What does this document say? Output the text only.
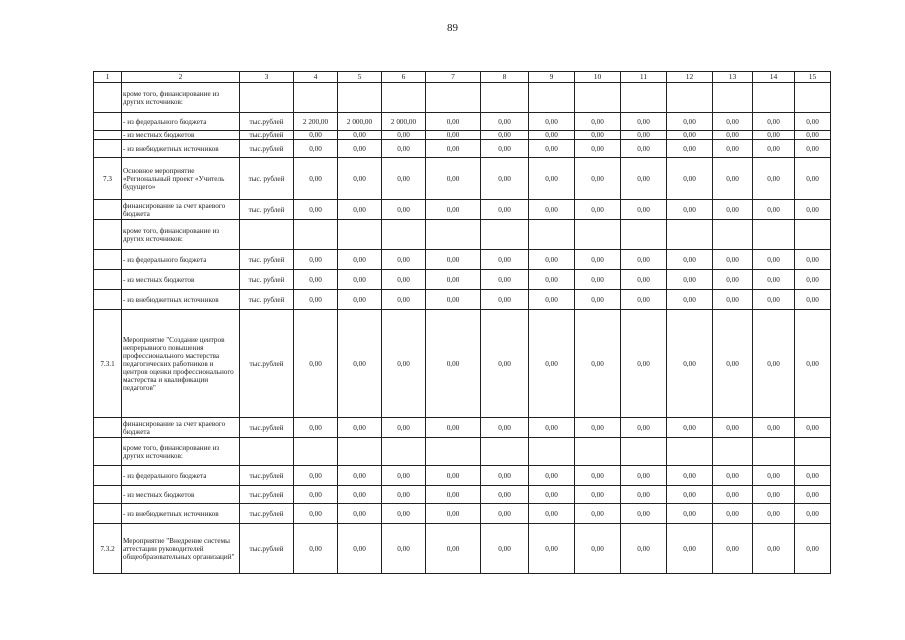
89
1	2	3	4	5	6	7	8	9	10	11	12	13	14	15
	кроме того, финансирование из других источников:													
	- из федерального бюджета	тыс.рублей	2 200,00	2 000,00	2 000,00	0,00	0,00	0,00	0,00	0,00	0,00	0,00	0,00	0,00
	- из местных бюджетов	тыс.рублей	0,00	0,00	0,00	0,00	0,00	0,00	0,00	0,00	0,00	0,00	0,00	0,00
	- из внебюджетных источников	тыс.рублей	0,00	0,00	0,00	0,00	0,00	0,00	0,00	0,00	0,00	0,00	0,00	0,00
7.3	Основное мероприятие «Региональный проект «Учитель будущего»	тыс. рублей	0,00	0,00	0,00	0,00	0,00	0,00	0,00	0,00	0,00	0,00	0,00	0,00
	финансирование за счет краевого бюджета	тыс. рублей	0,00	0,00	0,00	0,00	0,00	0,00	0,00	0,00	0,00	0,00	0,00	0,00
	кроме того, финансирование из других источников:													
	- из федерального бюджета	тыс. рублей	0,00	0,00	0,00	0,00	0,00	0,00	0,00	0,00	0,00	0,00	0,00	0,00
	- из местных бюджетов	тыс. рублей	0,00	0,00	0,00	0,00	0,00	0,00	0,00	0,00	0,00	0,00	0,00	0,00
	- из внебюджетных источников	тыс. рублей	0,00	0,00	0,00	0,00	0,00	0,00	0,00	0,00	0,00	0,00	0,00	0,00
7.3.1	Мероприятие "Создание центров непрерывного повышения профессионального мастерства педагогических работников и центров оценки профессионального мастерства и квалификации педагогов"	тыс.рублей	0,00	0,00	0,00	0,00	0,00	0,00	0,00	0,00	0,00	0,00	0,00	0,00
	финансирование за счет краевого бюджета	тыс.рублей	0,00	0,00	0,00	0,00	0,00	0,00	0,00	0,00	0,00	0,00	0,00	0,00
	кроме того, финансирование из других источников:													
	- из федерального бюджета	тыс.рублей	0,00	0,00	0,00	0,00	0,00	0,00	0,00	0,00	0,00	0,00	0,00	0,00
	- из местных бюджетов	тыс.рублей	0,00	0,00	0,00	0,00	0,00	0,00	0,00	0,00	0,00	0,00	0,00	0,00
	- из внебюджетных источников	тыс.рублей	0,00	0,00	0,00	0,00	0,00	0,00	0,00	0,00	0,00	0,00	0,00	0,00
7.3.2	Мероприятие "Внедрение системы аттестации руководителей общеобразовательных организаций"	тыс.рублей	0,00	0,00	0,00	0,00	0,00	0,00	0,00	0,00	0,00	0,00	0,00	0,00
